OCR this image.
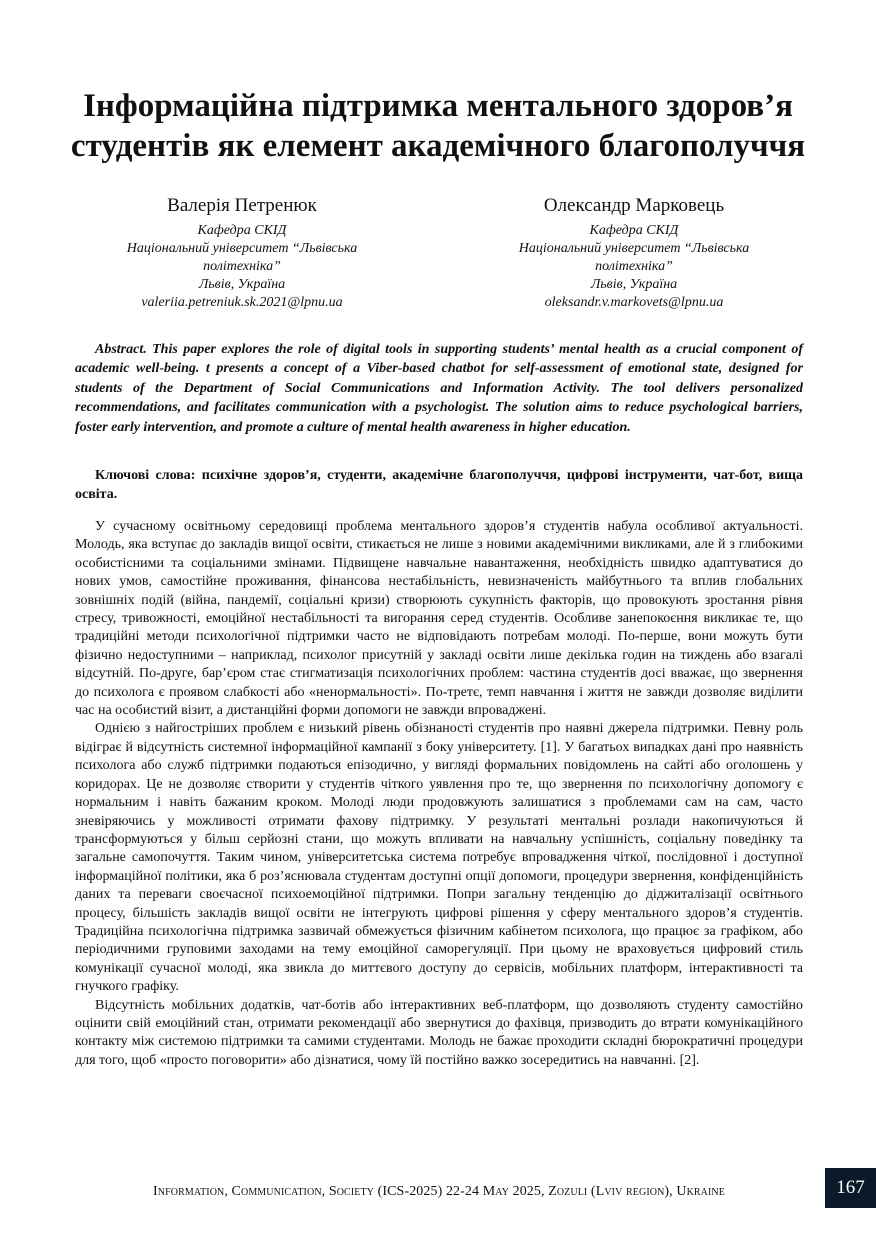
Інформаційна підтримка ментального здоров’я
студентів як елемент академічного благополуччя
Валерія Петренюк
Кафедра СКІД
Національний університет “Львівська
політехніка”
Львів, Україна
valeriia.petreniuk.sk.2021@lpnu.ua
Олександр Марковець
Кафедра СКІД
Національний університет “Львівська
політехніка”
Львів, Україна
oleksandr.v.markovets@lpnu.ua

Abstract. This paper explores the role of digital tools in supporting students’ mental health as a crucial component of academic well-being. t presents a concept of a Viber-based chatbot for self-assessment of emotional state, designed for students of the Department of Social Communications and Information Activity. The tool delivers personalized recommendations, and facilitates communication with a psychologist. The solution aims to reduce psychological barriers, foster early intervention, and promote a culture of mental health awareness in higher education.

Ключові слова: психічне здоров’я, студенти, академічне благополуччя, цифрові інструменти, чат-бот, вища освіта.

У сучасному освітньому середовищі проблема ментального здоров’я студентів набула особливої актуальності. Молодь, яка вступає до закладів вищої освіти, стикається не лише з новими академічними викликами, але й з глибокими особистісними та соціальними змінами. Підвищене навчальне навантаження, необхідність швидко адаптуватися до нових умов, самостійне проживання, фінансова нестабільність, невизначеність майбутнього та вплив глобальних зовнішніх подій (війна, пандемії, соціальні кризи) створюють сукупність факторів, що провокують зростання рівня стресу, тривожності, емоційної нестабільності та вигорання серед студентів. Особливе занепокоєння викликає те, що традиційні методи психологічної підтримки часто не відповідають потребам молоді. По-перше, вони можуть бути фізично недоступними – наприклад, психолог присутній у закладі освіти лише декілька годин на тиждень або взагалі відсутній. По-друге, бар’єром стає стигматизація психологічних проблем: частина студентів досі вважає, що звернення до психолога є проявом слабкості або «ненормальності». По-третє, темп навчання і життя не завжди дозволяє виділити час на особистий візит, а дистанційні форми допомоги не завжди впроваджені.

Однією з найгостріших проблем є низький рівень обізнаності студентів про наявні джерела підтримки. Певну роль відіграє й відсутність системної інформаційної кампанії з боку університету. [1]. У багатьох випадках дані про наявність психолога або служб підтримки подаються епізодично, у вигляді формальних повідомлень на сайті або оголошень у коридорах. Це не дозволяє створити у студентів чіткого уявлення про те, що звернення по психологічну допомогу є нормальним і навіть бажаним кроком. Молоді люди продовжують залишатися з проблемами сам на сам, часто зневіряючись у можливості отримати фахову підтримку. У результаті ментальні розлади накопичуються й трансформуються у більш серйозні стани, що можуть впливати на навчальну успішність, соціальну поведінку та загальне самопочуття. Таким чином, університетська система потребує впровадження чіткої, послідовної і доступної інформаційної політики, яка б роз’яснювала студентам доступні опції допомоги, процедури звернення, конфіденційність даних та переваги своєчасної психоемоційної підтримки. Попри загальну тенденцію до діджиталізації освітнього процесу, більшість закладів вищої освіти не інтегрують цифрові рішення у сферу ментального здоров’я студентів. Традиційна психологічна підтримка зазвичай обмежується фізичним кабінетом психолога, що працює за графіком, або періодичними груповими заходами на тему емоційної саморегуляції. При цьому не враховується цифровий стиль комунікації сучасної молоді, яка звикла до миттєвого доступу до сервісів, мобільних платформ, інтерактивності та гнучкого графіку.

Відсутність мобільних додатків, чат-ботів або інтерактивних веб-платформ, що дозволяють студенту самостійно оцінити свій емоційний стан, отримати рекомендації або звернутися до фахівця, призводить до втрати комунікаційного контакту між системою підтримки та самими студентами. Молодь не бажає проходити складні бюрократичні процедури для того, щоб «просто поговорити» або дізнатися, чому їй постійно важко зосередитись на навчанні. [2].

Information, Communication, Society (ICS-2025) 22-24 May 2025, Zozuli (Lviv region), Ukraine	167
